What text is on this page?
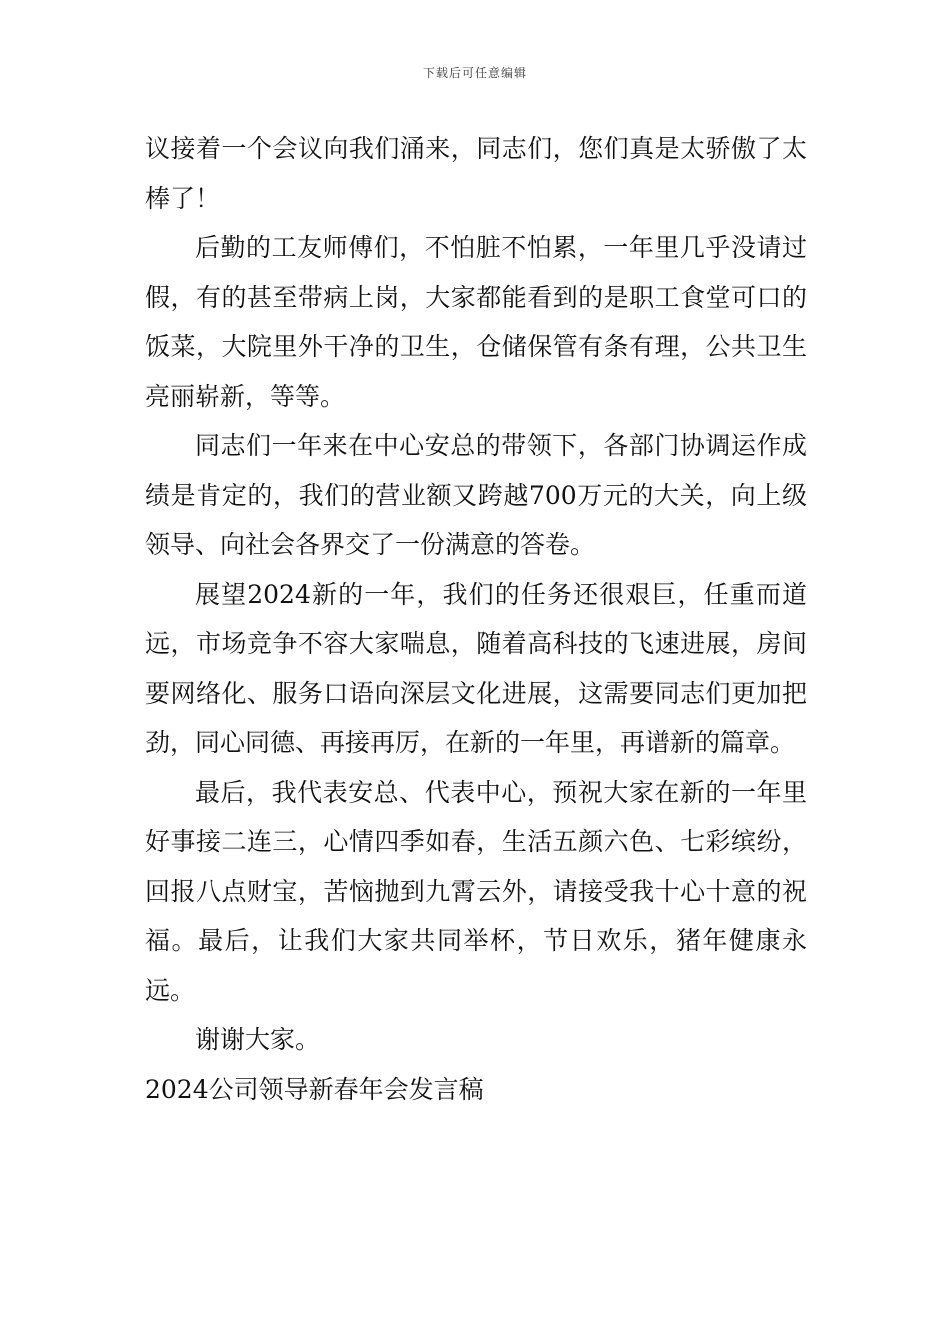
下载后可任意编辑

议接着一个会议向我们涌来，同志们，您们真是太骄傲了太棒了！

后勤的工友师傅们，不怕脏不怕累，一年里几乎没请过假，有的甚至带病上岗，大家都能看到的是职工食堂可口的饭菜，大院里外干净的卫生，仓储保管有条有理，公共卫生亮丽崭新，等等。

同志们一年来在中心安总的带领下，各部门协调运作成绩是肯定的，我们的营业额又跨越700万元的大关，向上级领导、向社会各界交了一份满意的答卷。

展望2024新的一年，我们的任务还很艰巨，任重而道远，市场竞争不容大家喘息，随着高科技的飞速进展，房间要网络化、服务口语向深层文化进展，这需要同志们更加把劲，同心同德、再接再厉，在新的一年里，再谱新的篇章。

最后，我代表安总、代表中心，预祝大家在新的一年里好事接二连三，心情四季如春，生活五颜六色、七彩缤纷，回报八点财宝，苦恼抛到九霄云外，请接受我十心十意的祝福。最后，让我们大家共同举杯，节日欢乐，猪年健康永远。

谢谢大家。

2024公司领导新春年会发言稿
